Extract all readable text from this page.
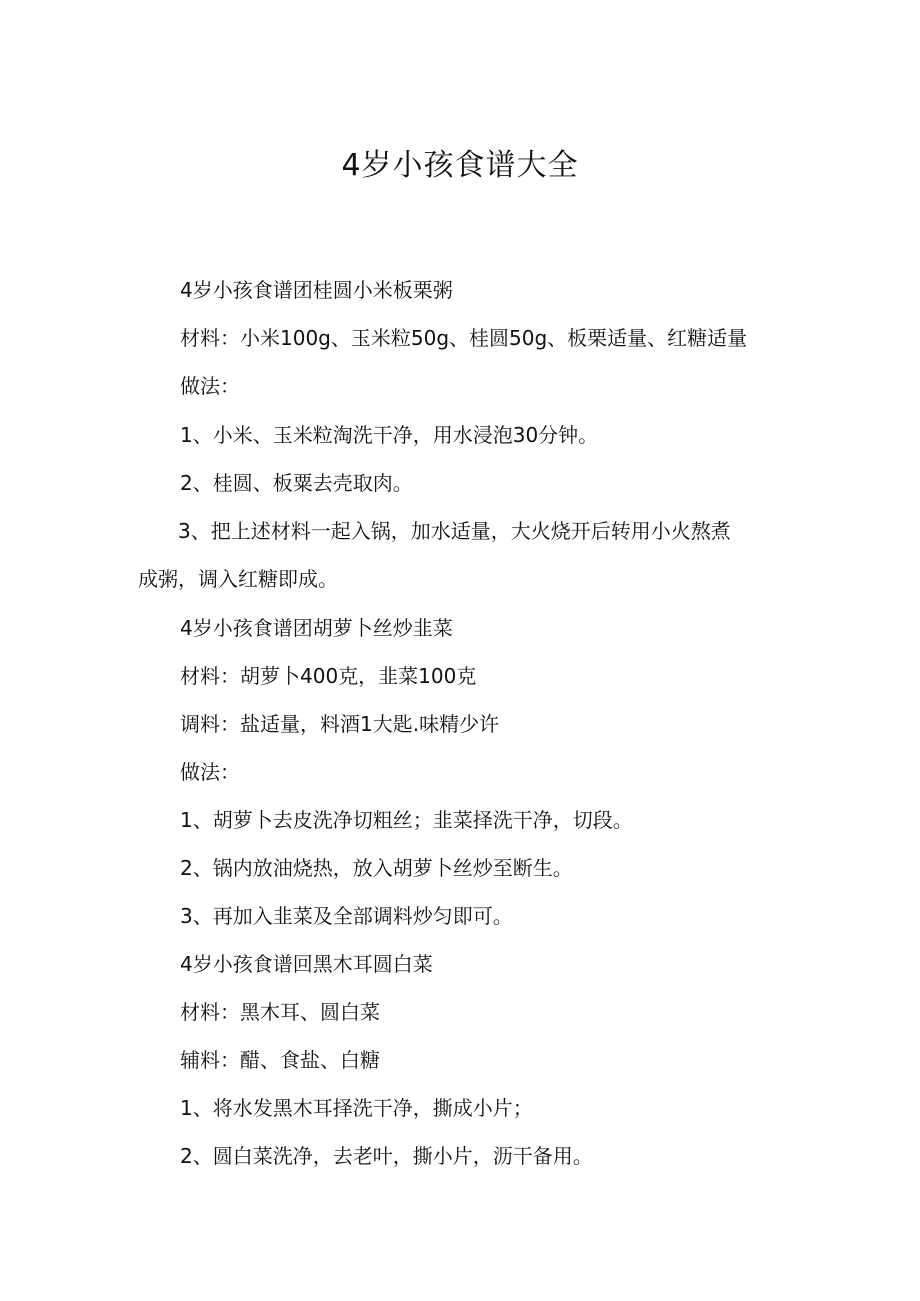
4岁小孩食谱大全
4岁小孩食谱团桂圆小米板栗粥
材料：小米100g、玉米粒50g、桂圆50g、板栗适量、红糖适量
做法：
1、小米、玉米粒淘洗干净，用水浸泡30分钟。
2、桂圆、板粟去壳取肉。
3、把上述材料一起入锅，加水适量，大火烧开后转用小火熬煮
成粥，调入红糖即成。
4岁小孩食谱团胡萝卜丝炒韭菜
材料：胡萝卜400克，韭菜100克
调料：盐适量，料酒1大匙.味精少许
做法：
1、胡萝卜去皮洗净切粗丝；韭菜择洗干净，切段。
2、锅内放油烧热，放入胡萝卜丝炒至断生。
3、再加入韭菜及全部调料炒匀即可。
4岁小孩食谱回黑木耳圆白菜
材料：黑木耳、圆白菜
辅料：醋、食盐、白糖
1、将水发黑木耳择洗干净，撕成小片；
2、圆白菜洗净，去老叶，撕小片，沥干备用。
